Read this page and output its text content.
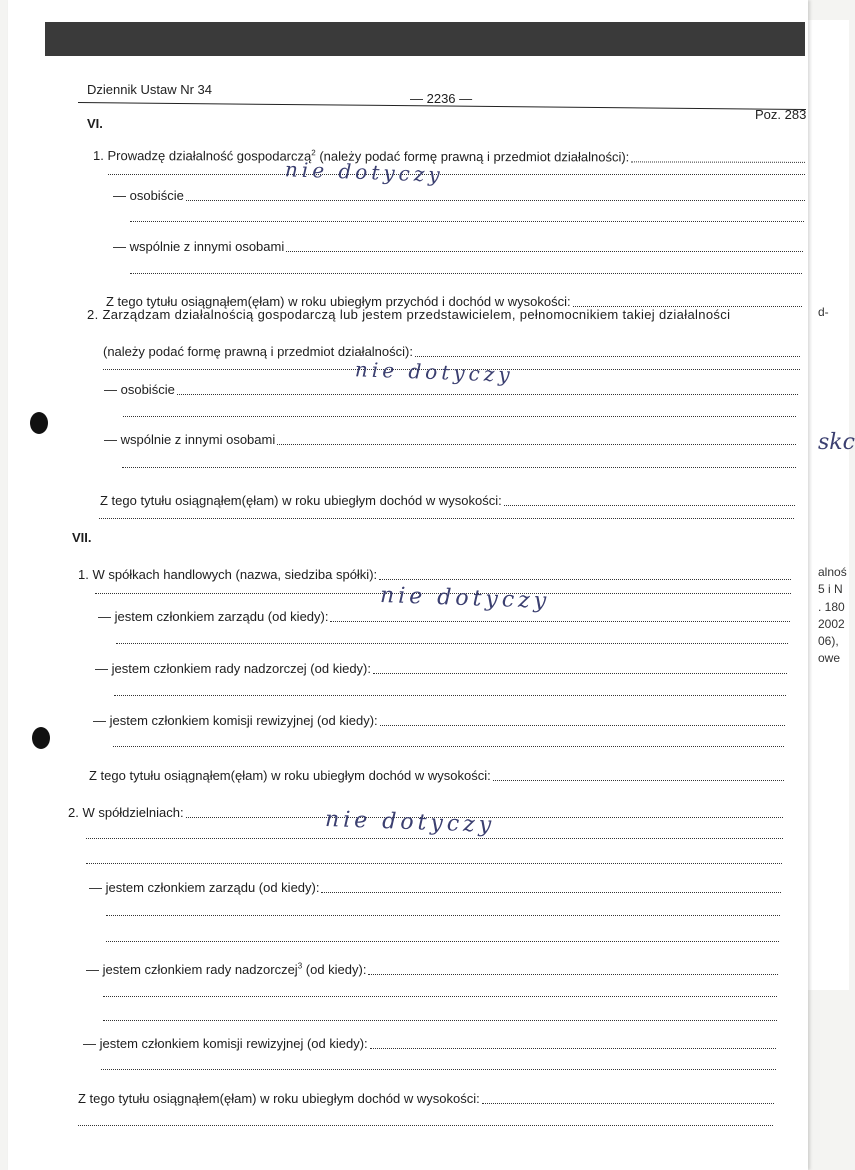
d-
skc
alnoś
5 i N
. 180
2002
06),
owe
Dziennik Ustaw Nr 34
— 2236 —
Poz. 283
VI.
1. Prowadzę działalność gospodarczą$^2$ (należy podać formę prawną i przedmiot działalności):
— osobiście
— wspólnie z innymi osobami
Z tego tytułu osiągnąłem(ęłam) w roku ubiegłym przychód i dochód w wysokości:
2. Zarządzam działalnością gospodarczą lub jestem przedstawicielem, pełnomocnikiem takiej działalności
(należy podać formę prawną i przedmiot działalności):
— osobiście
— wspólnie z innymi osobami
Z tego tytułu osiągnąłem(ęłam) w roku ubiegłym dochód w wysokości:
VII.
1. W spółkach handlowych (nazwa, siedziba spółki):
— jestem członkiem zarządu (od kiedy):
— jestem członkiem rady nadzorczej (od kiedy):
— jestem członkiem komisji rewizyjnej (od kiedy):
Z tego tytułu osiągnąłem(ęłam) w roku ubiegłym dochód w wysokości:
2. W spółdzielniach:
— jestem członkiem zarządu (od kiedy):
— jestem członkiem rady nadzorczej$^3$ (od kiedy):
— jestem członkiem komisji rewizyjnej (od kiedy):
Z tego tytułu osiągnąłem(ęłam) w roku ubiegłym dochód w wysokości:
nie dotyczy
nie dotyczy
nie dotyczy
nie dotyczy
